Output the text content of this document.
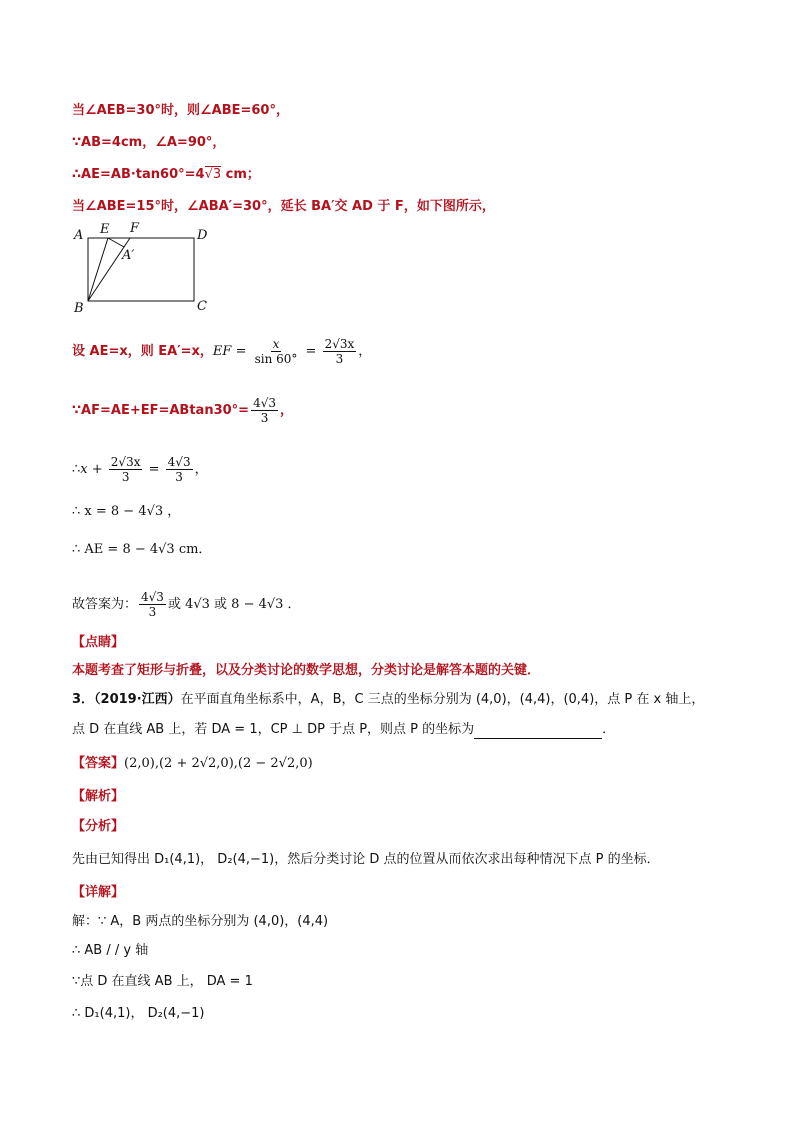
当∠AEB=30°时，则∠ABE=60°，
∵AB=4cm，∠A=90°，
∴AE=AB·tan60°=4√3 cm；
当∠ABE=15°时，∠ABA′=30°，延长 BA′交 AD 于 F，如下图所示，
A E F	D
A′
B	C
设 AE=x，则 EA′=x，EF = $\frac{x}{\sin 60^\circ} = \frac{2√3x}{3}$ ，
∵AF=AE+EF=ABtan30°= $\frac{4√3}{3}$ ，
∴x + $\frac{2√3x}{3} = \frac{4√3}{3}$ ，
∴ x = 8 − 4√3 ，
∴ AE = 8 − 4√3 cm．
故答案为： $\frac{4√3}{3}$ 或 4√3 或 8 − 4√3 ．
【点睛】
本题考查了矩形与折叠，以及分类讨论的数学思想，分类讨论是解答本题的关键．
3．（2019·江西）在平面直角坐标系中，A，B，C 三点的坐标分别为 (4,0)，(4,4)，(0,4)，点 P 在 x 轴上，
点 D 在直线 AB 上，若 DA = 1，CP ⊥ DP 于点 P，则点 P 的坐标为	．
【答案】(2,0),(2 + 2√2,0),(2 − 2√2,0)
【解析】
【分析】
先由已知得出 D₁(4,1)， D₂(4,−1)，然后分类讨论 D 点的位置从而依次求出每种情况下点 P 的坐标．
【详解】
解：∵ A，B 两点的坐标分别为 (4,0)，(4,4)
∴ AB / / y 轴
∵点 D 在直线 AB 上， DA = 1
∴ D₁(4,1)， D₂(4,−1)
